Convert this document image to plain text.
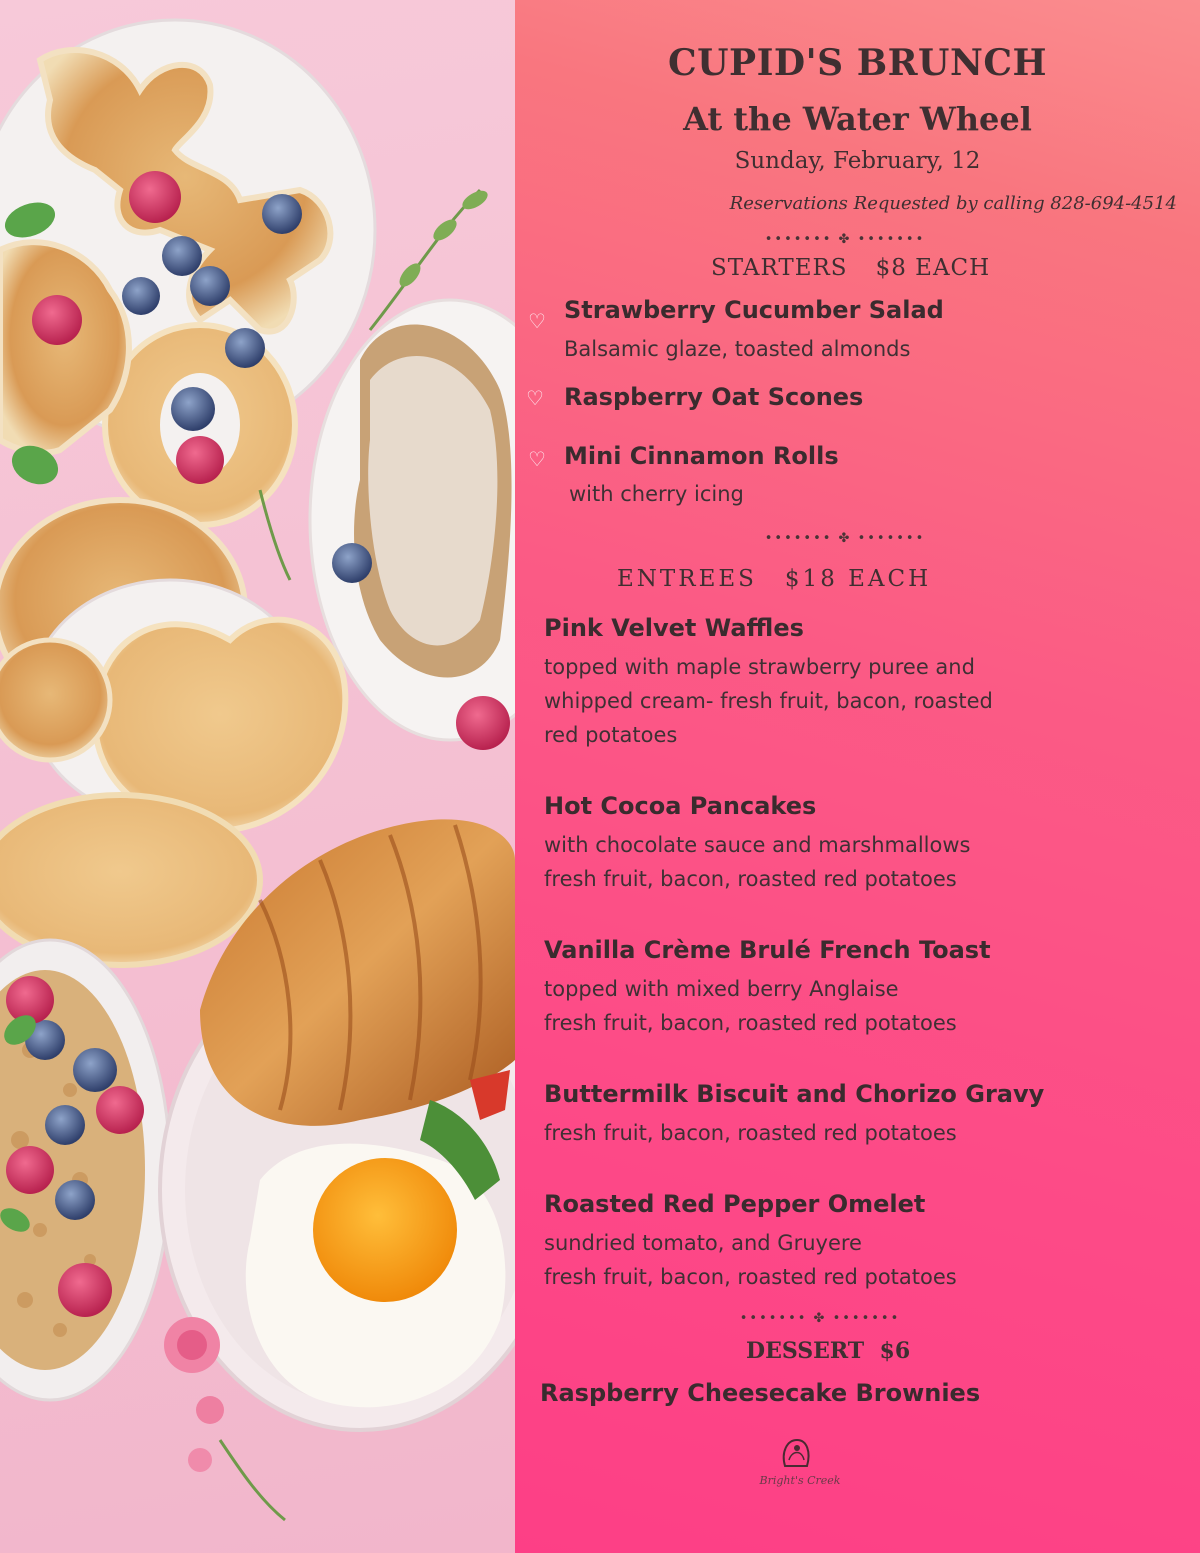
CUPID'S BRUNCH
At the Water Wheel
Sunday, February, 12
Reservations Requested by calling 828-694-4514
••••••• ✤ •••••••
STARTERS $8 EACH
♡ Strawberry Cucumber Salad
Balsamic glaze, toasted almonds
♡ Raspberry Oat Scones
♡ Mini Cinnamon Rolls
with cherry icing
••••••• ✤ •••••••
ENTREES $18 EACH
Pink Velvet Waffles
topped with maple strawberry puree and
whipped cream- fresh fruit, bacon, roasted
red potatoes
Hot Cocoa Pancakes
with chocolate sauce and marshmallows
fresh fruit, bacon, roasted red potatoes
Vanilla Crème Brulé French Toast
topped with mixed berry Anglaise
fresh fruit, bacon, roasted red potatoes
Buttermilk Biscuit and Chorizo Gravy
fresh fruit, bacon, roasted red potatoes
Roasted Red Pepper Omelet
sundried tomato, and Gruyere
fresh fruit, bacon, roasted red potatoes
••••••• ✤ •••••••
DESSERT $6
Raspberry Cheesecake Brownies
Bright's Creek
